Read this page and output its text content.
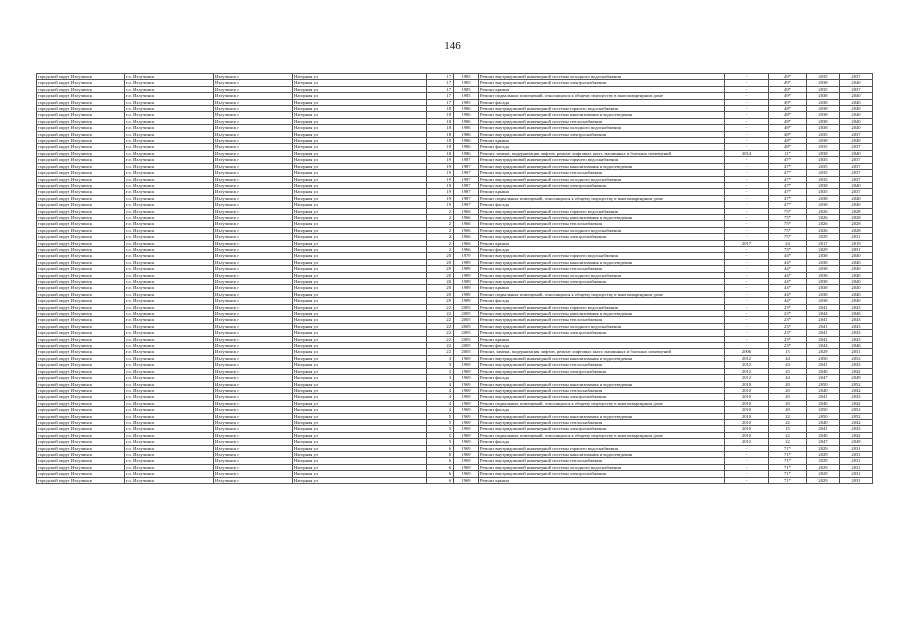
146
городской округ Излучинск	г.о. Излучинск	Излучинск г	Нагорная ул	17	1985	Ремонт внутридомовой инженерной системы холодного водоснабжения	-	49*	2035	2037
городской округ Излучинск	г.о. Излучинск	Излучинск г	Нагорная ул	17	1985	Ремонт внутридомовой инженерной системы электроснабжения	-	49*	2038	2040
городской округ Излучинск	г.о. Излучинск	Излучинск г	Нагорная ул	17	1985	Ремонт крыши	-	49*	2035	2037
городской округ Излучинск	г.о. Излучинск	Излучинск г	Нагорная ул	17	1985	Ремонт подвальных помещений, относящихся к общему имуществу в многоквартирном доме	-	49*	2038	2040
городской округ Излучинск	г.о. Излучинск	Излучинск г	Нагорная ул	17	1985	Ремонт фасада	-	49*	2038	2040
городской округ Излучинск	г.о. Излучинск	Излучинск г	Нагорная ул	18	1986	Ремонт внутридомовой инженерной системы горячего водоснабжения	-	48*	2038	2040
городской округ Излучинск	г.о. Излучинск	Излучинск г	Нагорная ул	18	1986	Ремонт внутридомовой инженерной системы канализования и водоотведения	-	48*	2038	2040
городской округ Излучинск	г.о. Излучинск	Излучинск г	Нагорная ул	18	1986	Ремонт внутридомовой инженерной системы теплоснабжения	-	48*	2038	2040
городской округ Излучинск	г.о. Излучинск	Излучинск г	Нагорная ул	18	1986	Ремонт внутридомовой инженерной системы холодного водоснабжения	-	48*	2038	2040
городской округ Излучинск	г.о. Излучинск	Излучинск г	Нагорная ул	18	1986	Ремонт внутридомовой инженерной системы электроснабжения	-	48*	2035	2037
городской округ Излучинск	г.о. Излучинск	Излучинск г	Нагорная ул	18	1986	Ремонт крыши	-	48*	2038	2040
городской округ Излучинск	г.о. Излучинск	Излучинск г	Нагорная ул	18	1986	Ремонт фасада	-	48*	2035	2037
городской округ Излучинск	г.о. Излучинск	Излучинск г	Нагорная ул	18	1986	Ремонт, замена, модернизация лифтов, ремонт лифтовых шахт, машинных и блочных помещений	2014	11*	2038	2040
городской округ Излучинск	г.о. Излучинск	Излучинск г	Нагорная ул	19	1987	Ремонт внутридомовой инженерной системы горячего водоснабжения	-	47*	2035	2037
городской округ Излучинск	г.о. Излучинск	Излучинск г	Нагорная ул	19	1987	Ремонт внутридомовой инженерной системы канализования и водоотведения	-	47*	2035	2037
городской округ Излучинск	г.о. Излучинск	Излучинск г	Нагорная ул	19	1987	Ремонт внутридомовой инженерной системы теплоснабжения	-	47*	2035	2037
городской округ Излучинск	г.о. Излучинск	Излучинск г	Нагорная ул	19	1987	Ремонт внутридомовой инженерной системы холодного водоснабжения	-	47*	2035	2037
городской округ Излучинск	г.о. Излучинск	Излучинск г	Нагорная ул	19	1987	Ремонт внутридомовой инженерной системы электроснабжения	-	47*	2038	2040
городской округ Излучинск	г.о. Излучинск	Излучинск г	Нагорная ул	19	1987	Ремонт крыши	-	47*	2035	2037
городской округ Излучинск	г.о. Излучинск	Излучинск г	Нагорная ул	19	1987	Ремонт подвальных помещений, относящихся к общему имуществу в многоквартирном доме	-	47*	2038	2040
городской округ Излучинск	г.о. Излучинск	Излучинск г	Нагорная ул	19	1987	Ремонт фасада	-	47*	2038	2040
городской округ Излучинск	г.о. Излучинск	Излучинск г	Нагорная ул	2	1966	Ремонт внутридомовой инженерной системы горячего водоснабжения	-	75*	2026	2028
городской округ Излучинск	г.о. Излучинск	Излучинск г	Нагорная ул	2	1966	Ремонт внутридомовой инженерной системы канализования и водоотведения	-	75*	2026	2028
городской округ Излучинск	г.о. Излучинск	Излучинск г	Нагорная ул	2	1966	Ремонт внутридомовой инженерной системы теплоснабжения	-	75*	2026	2028
городской округ Излучинск	г.о. Излучинск	Излучинск г	Нагорная ул	2	1966	Ремонт внутридомовой инженерной системы холодного водоснабжения	-	75*	2026	2028
городской округ Излучинск	г.о. Излучинск	Излучинск г	Нагорная ул	2	1966	Ремонт внутридомовой инженерной системы электроснабжения	-	75*	2029	2031
городской округ Излучинск	г.о. Излучинск	Излучинск г	Нагорная ул	2	1966	Ремонт крыши	2017	24	2017	2019
городской округ Излучинск	г.о. Излучинск	Излучинск г	Нагорная ул	2	1966	Ремонт фасада	-	75*	2029	2031
городской округ Излучинск	г.о. Излучинск	Излучинск г	Нагорная ул	20	1979	Ремонт внутридомовой инженерной системы горячего водоснабжения	-	44*	2038	2040
городской округ Излучинск	г.о. Излучинск	Излучинск г	Нагорная ул	20	1989	Ремонт внутридомовой инженерной системы канализования и водоотведения	-	44*	2038	2040
городской округ Излучинск	г.о. Излучинск	Излучинск г	Нагорная ул	20	1989	Ремонт внутридомовой инженерной системы теплоснабжения	-	44*	2038	2040
городской округ Излучинск	г.о. Излучинск	Излучинск г	Нагорная ул	20	1989	Ремонт внутридомовой инженерной системы холодного водоснабжения	-	44*	2038	2040
городской округ Излучинск	г.о. Излучинск	Излучинск г	Нагорная ул	20	1989	Ремонт внутридомовой инженерной системы электроснабжения	-	44*	2038	2040
городской округ Излучинск	г.о. Излучинск	Излучинск г	Нагорная ул	20	1989	Ремонт крыши	-	44*	2038	2040
городской округ Излучинск	г.о. Излучинск	Излучинск г	Нагорная ул	20	1989	Ремонт подвальных помещений, относящихся к общему имуществу в многоквартирном доме	-	44*	2038	2040
городской округ Излучинск	г.о. Излучинск	Излучинск г	Нагорная ул	20	1989	Ремонт фасада	-	44*	2038	2040
городской округ Излучинск	г.о. Излучинск	Излучинск г	Нагорная ул	22	2005	Ремонт внутридомовой инженерной системы горячего водоснабжения	-	23*	2041	2043
городской округ Излучинск	г.о. Излучинск	Излучинск г	Нагорная ул	22	2005	Ремонт внутридомовой инженерной системы канализования и водоотведения	-	23*	2044	2046
городской округ Излучинск	г.о. Излучинск	Излучинск г	Нагорная ул	22	2005	Ремонт внутридомовой инженерной системы теплоснабжения	-	23*	2041	2043
городской округ Излучинск	г.о. Излучинск	Излучинск г	Нагорная ул	22	2005	Ремонт внутридомовой инженерной системы холодного водоснабжения	-	23*	2041	2043
городской округ Излучинск	г.о. Излучинск	Излучинск г	Нагорная ул	22	2005	Ремонт внутридомовой инженерной системы электроснабжения	-	23*	2041	2043
городской округ Излучинск	г.о. Излучинск	Излучинск г	Нагорная ул	22	2005	Ремонт крыши	-	23*	2041	2043
городской округ Излучинск	г.о. Излучинск	Излучинск г	Нагорная ул	22	2005	Ремонт фасада	-	23*	2044	2046
городской округ Излучинск	г.о. Излучинск	Излучинск г	Нагорная ул	22	2005	Ремонт, замена, модернизация лифтов, ремонт лифтовых шахт, машинных и блочных помещений	2006	15	2029	2031
городской округ Излучинск	г.о. Излучинск	Излучинск г	Нагорная ул	3	1969	Ремонт внутридомовой инженерной системы канализования и водоотведения	2012	44	2050	2052
городской округ Излучинск	г.о. Излучинск	Излучинск г	Нагорная ул	3	1969	Ремонт внутридомовой инженерной системы теплоснабжения	2012	44	2041	2043
городской округ Излучинск	г.о. Излучинск	Излучинск г	Нагорная ул	3	1969	Ремонт внутридомовой инженерной системы электроснабжения	2012	25	2040	2042
городской округ Излучинск	г.о. Излучинск	Излучинск г	Нагорная ул	3	1969	Ремонт фасада	2012	44	2047	2049
городской округ Излучинск	г.о. Излучинск	Излучинск г	Нагорная ул	4	1969	Ремонт внутридомовой инженерной системы канализования и водоотведения	2010	20	2050	2052
городской округ Излучинск	г.о. Излучинск	Излучинск г	Нагорная ул	4	1969	Ремонт внутридомовой инженерной системы теплоснабжения	2010	20	2040	2042
городской округ Излучинск	г.о. Излучинск	Излучинск г	Нагорная ул	4	1969	Ремонт внутридомовой инженерной системы электроснабжения	2010	20	2041	2043
городской округ Излучинск	г.о. Излучинск	Излучинск г	Нагорная ул	4	1969	Ремонт подвальных помещений, относящихся к общему имуществу в многоквартирном доме	2010	20	2040	2042
городской округ Излучинск	г.о. Излучинск	Излучинск г	Нагорная ул	4	1969	Ремонт фасада	2010	20	2050	2052
городской округ Излучинск	г.о. Излучинск	Излучинск г	Нагорная ул	5	1969	Ремонт внутридомовой инженерной системы канализования и водоотведения	2010	22	2050	2052
городской округ Излучинск	г.о. Излучинск	Излучинск г	Нагорная ул	5	1969	Ремонт внутридомовой инженерной системы теплоснабжения	2010	22	2040	2042
городской округ Излучинск	г.о. Излучинск	Излучинск г	Нагорная ул	5	1969	Ремонт внутридомовой инженерной системы электроснабжения	2010	15	2041	2043
городской округ Излучинск	г.о. Излучинск	Излучинск г	Нагорная ул	5	1969	Ремонт подвальных помещений, относящихся к общему имуществу в многоквартирном доме	2010	22	2040	2042
городской округ Излучинск	г.о. Излучинск	Излучинск г	Нагорная ул	5	1969	Ремонт фасада	2012	22	2047	2049
городской округ Излучинск	г.о. Излучинск	Излучинск г	Нагорная ул	6	1969	Ремонт внутридомовой инженерной системы горячего водоснабжения	-	71*	2029	2031
городской округ Излучинск	г.о. Излучинск	Излучинск г	Нагорная ул	6	1969	Ремонт внутридомовой инженерной системы канализования и водоотведения	-	71*	2029	2031
городской округ Излучинск	г.о. Излучинск	Излучинск г	Нагорная ул	6	1969	Ремонт внутридомовой инженерной системы теплоснабжения	-	71*	2029	2031
городской округ Излучинск	г.о. Излучинск	Излучинск г	Нагорная ул	6	1969	Ремонт внутридомовой инженерной системы холодного водоснабжения	-	71*	2029	2031
городской округ Излучинск	г.о. Излучинск	Излучинск г	Нагорная ул	6	1969	Ремонт внутридомовой инженерной системы электроснабжения	-	71*	2029	2031
городской округ Излучинск	г.о. Излучинск	Излучинск г	Нагорная ул	6	1969	Ремонт крыши	-	71*	2029	2031
